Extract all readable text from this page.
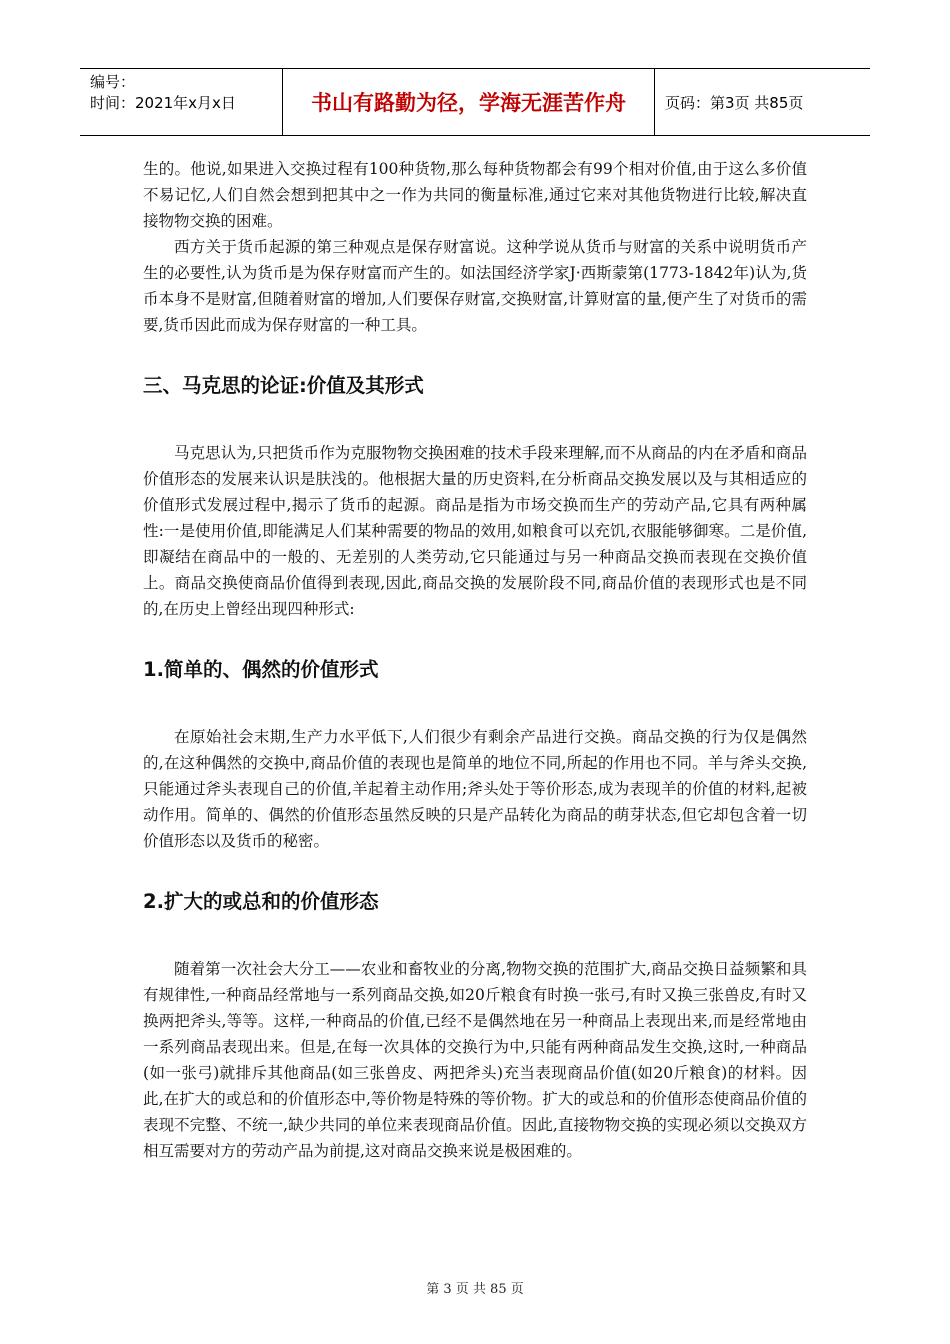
编号：
时间：2021年x月x日	书山有路勤为径，学海无涯苦作舟	页码：第3页 共85页

生的。他说,如果进入交换过程有100种货物,那么每种货物都会有99个相对价值,由于这么多价值不易记忆,人们自然会想到把其中之一作为共同的衡量标准,通过它来对其他货物进行比较,解决直接物物交换的困难。

西方关于货币起源的第三种观点是保存财富说。这种学说从货币与财富的关系中说明货币产生的必要性,认为货币是为保存财富而产生的。如法国经济学家J·西斯蒙第(1773-1842年)认为,货币本身不是财富,但随着财富的增加,人们要保存财富,交换财富,计算财富的量,便产生了对货币的需要,货币因此而成为保存财富的一种工具。

三、马克思的论证:价值及其形式

马克思认为,只把货币作为克服物物交换困难的技术手段来理解,而不从商品的内在矛盾和商品价值形态的发展来认识是肤浅的。他根据大量的历史资料,在分析商品交换发展以及与其相适应的价值形式发展过程中,揭示了货币的起源。商品是指为市场交换而生产的劳动产品,它具有两种属性:一是使用价值,即能满足人们某种需要的物品的效用,如粮食可以充饥,衣服能够御寒。二是价值,即凝结在商品中的一般的、无差别的人类劳动,它只能通过与另一种商品交换而表现在交换价值上。商品交换使商品价值得到表现,因此,商品交换的发展阶段不同,商品价值的表现形式也是不同的,在历史上曾经出现四种形式:

1.简单的、偶然的价值形式

在原始社会末期,生产力水平低下,人们很少有剩余产品进行交换。商品交换的行为仅是偶然的,在这种偶然的交换中,商品价值的表现也是简单的地位不同,所起的作用也不同。羊与斧头交换,只能通过斧头表现自己的价值,羊起着主动作用;斧头处于等价形态,成为表现羊的价值的材料,起被动作用。简单的、偶然的价值形态虽然反映的只是产品转化为商品的萌芽状态,但它却包含着一切价值形态以及货币的秘密。

2.扩大的或总和的价值形态

随着第一次社会大分工——农业和畜牧业的分离,物物交换的范围扩大,商品交换日益频繁和具有规律性,一种商品经常地与一系列商品交换,如20斤粮食有时换一张弓,有时又换三张兽皮,有时又换两把斧头,等等。这样,一种商品的价值,已经不是偶然地在另一种商品上表现出来,而是经常地由一系列商品表现出来。但是,在每一次具体的交换行为中,只能有两种商品发生交换,这时,一种商品(如一张弓)就排斥其他商品(如三张兽皮、两把斧头)充当表现商品价值(如20斤粮食)的材料。因此,在扩大的或总和的价值形态中,等价物是特殊的等价物。扩大的或总和的价值形态使商品价值的表现不完整、不统一,缺少共同的单位来表现商品价值。因此,直接物物交换的实现必须以交换双方相互需要对方的劳动产品为前提,这对商品交换来说是极困难的。

第 3 页 共 85 页
